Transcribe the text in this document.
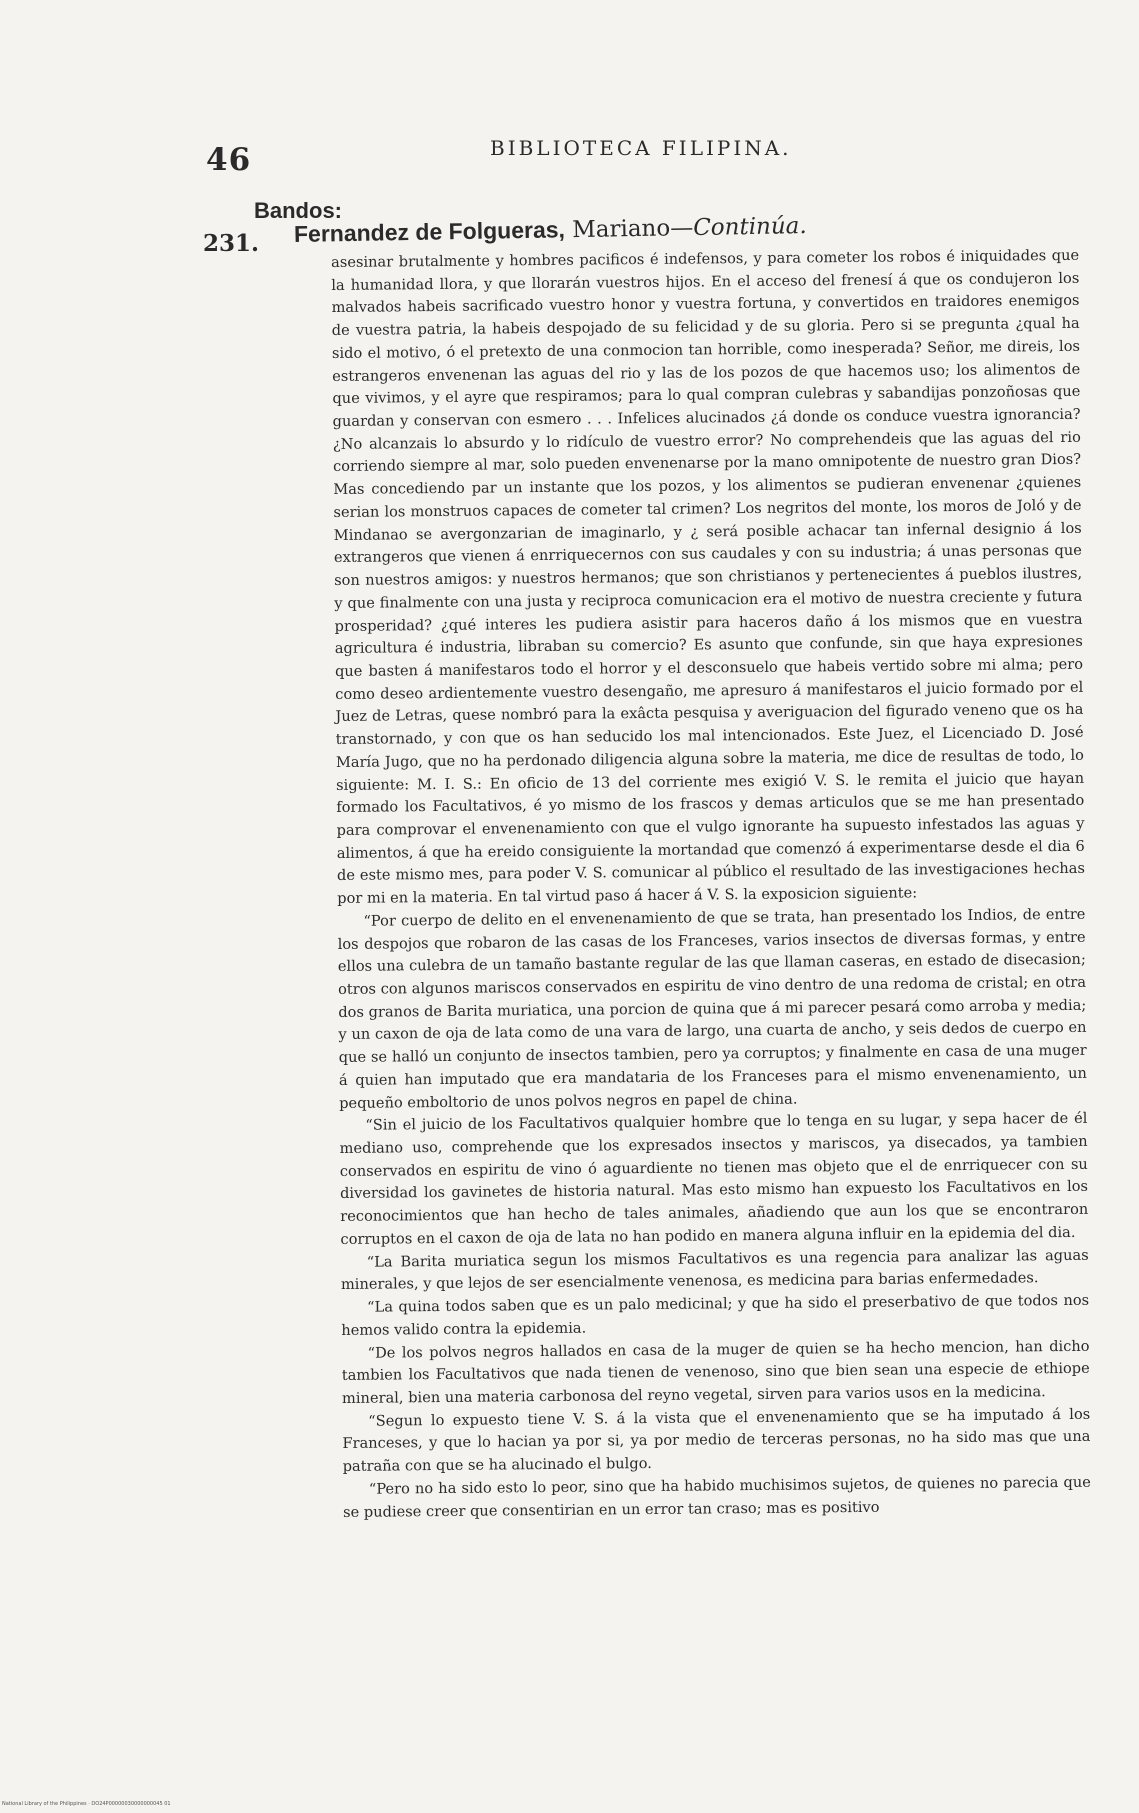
46	BIBLIOTECA FILIPINA.
Bandos:
231. Fernandez de Folgueras, Mariano—Continúa.

asesinar brutalmente y hombres pacificos é indefensos, y para cometer los robos é iniquidades que la humanidad llora, y que llorarán vuestros hijos. En el acceso del frenesí á que os condujeron los malvados habeis sacrificado vuestro honor y vuestra fortuna, y convertidos en traidores enemigos de vuestra patria, la habeis despojado de su felicidad y de su gloria. Pero si se pregunta ¿qual ha sido el motivo, ó el pretexto de una conmocion tan horrible, como inesperada? Señor, me direis, los estrangeros envenenan las aguas del rio y las de los pozos de que hacemos uso; los alimentos de que vivimos, y el ayre que respiramos; para lo qual compran culebras y sabandijas ponzoñosas que guardan y conservan con esmero . . . Infelices alucinados ¿á donde os conduce vuestra ignorancia? ¿No alcanzais lo absurdo y lo ridículo de vuestro error? No comprehendeis que las aguas del rio corriendo siempre al mar, solo pueden envenenarse por la mano omnipotente de nuestro gran Dios? Mas concediendo par un instante que los pozos, y los alimentos se pudieran envenenar ¿quienes serian los monstruos capaces de cometer tal crimen? Los negritos del monte, los moros de Joló y de Mindanao se avergonzarian de imaginarlo, y ¿ será posible achacar tan infernal designio á los extrangeros que vienen á enrriquecernos con sus caudales y con su industria; á unas personas que son nuestros amigos: y nuestros hermanos; que son christianos y pertenecientes á pueblos ilustres, y que finalmente con una justa y reciproca comunicacion era el motivo de nuestra creciente y futura prosperidad? ¿qué interes les pudiera asistir para haceros daño á los mismos que en vuestra agricultura é industria, libraban su comercio? Es asunto que confunde, sin que haya expresiones que basten á manifestaros todo el horror y el desconsuelo que habeis vertido sobre mi alma; pero como deseo ardientemente vuestro desengaño, me apresuro á manifestaros el juicio formado por el Juez de Letras, quese nombró para la exâcta pesquisa y averiguacion del figurado veneno que os ha transtornado, y con que os han seducido los mal intencionados. Este Juez, el Licenciado D. José María Jugo, que no ha perdonado diligencia alguna sobre la materia, me dice de resultas de todo, lo siguiente: M. I. S.: En oficio de 13 del corriente mes exigió V. S. le remita el juicio que hayan formado los Facultativos, é yo mismo de los frascos y demas articulos que se me han presentado para comprovar el envenenamiento con que el vulgo ignorante ha supuesto infestados las aguas y alimentos, á que ha ereido consiguiente la mortandad que comenzó á experimentarse desde el dia 6 de este mismo mes, para poder V. S. comunicar al público el resultado de las investigaciones hechas por mi en la materia. En tal virtud paso á hacer á V. S. la exposicion siguiente:

“Por cuerpo de delito en el envenenamiento de que se trata, han presentado los Indios, de entre los despojos que robaron de las casas de los Franceses, varios insectos de diversas formas, y entre ellos una culebra de un tamaño bastante regular de las que llaman caseras, en estado de disecasion; otros con algunos mariscos conservados en espiritu de vino dentro de una redoma de cristal; en otra dos granos de Barita muriatica, una porcion de quina que á mi parecer pesará como arroba y media; y un caxon de oja de lata como de una vara de largo, una cuarta de ancho, y seis dedos de cuerpo en que se halló un conjunto de insectos tambien, pero ya corruptos; y finalmente en casa de una muger á quien han imputado que era mandataria de los Franceses para el mismo envenenamiento, un pequeño emboltorio de unos polvos negros en papel de china.

“Sin el juicio de los Facultativos qualquier hombre que lo tenga en su lugar, y sepa hacer de él mediano uso, comprehende que los expresados insectos y mariscos, ya disecados, ya tambien conservados en espiritu de vino ó aguardiente no tienen mas objeto que el de enrriquecer con su diversidad los gavinetes de historia natural. Mas esto mismo han expuesto los Facultativos en los reconocimientos que han hecho de tales animales, añadiendo que aun los que se encontraron corruptos en el caxon de oja de lata no han podido en manera alguna influir en la epidemia del dia.

“La Barita muriatica segun los mismos Facultativos es una regencia para analizar las aguas minerales, y que lejos de ser esencialmente venenosa, es medicina para barias enfermedades.

“La quina todos saben que es un palo medicinal; y que ha sido el preserbativo de que todos nos hemos valido contra la epidemia.

“De los polvos negros hallados en casa de la muger de quien se ha hecho mencion, han dicho tambien los Facultativos que nada tienen de venenoso, sino que bien sean una especie de ethiope mineral, bien una materia carbonosa del reyno vegetal, sirven para varios usos en la medicina.

“Segun lo expuesto tiene V. S. á la vista que el envenenamiento que se ha imputado á los Franceses, y que lo hacian ya por si, ya por medio de terceras personas, no ha sido mas que una patraña con que se ha alucinado el bulgo.

“Pero no ha sido esto lo peor, sino que ha habido muchisimos sujetos, de quienes no parecia que se pudiese creer que consentirian en un error tan craso; mas es positivo

National Library of the Philippines · DO24P00000030000000045 01
